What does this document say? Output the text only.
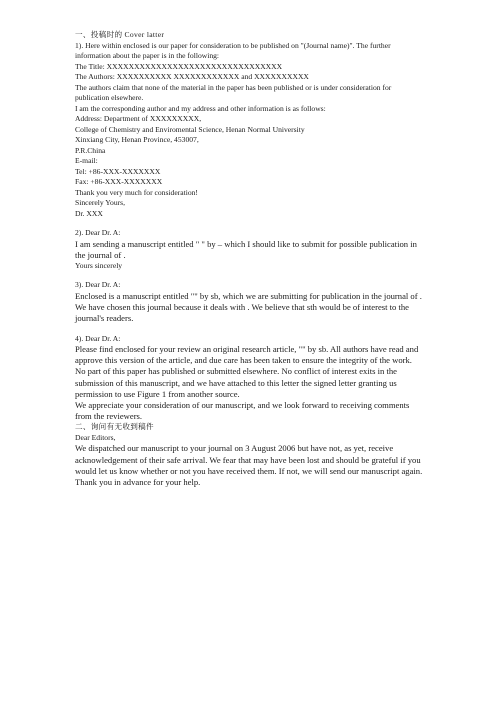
一、投稿时的 Cover latter
1). Here within enclosed is our paper for consideration to be published on "(Journal name)". The further information about the paper is in the following:
The Title: XXXXXXXXXXXXXXXXXXXXXXXXXXXXXXXX
The Authors: XXXXXXXXXX XXXXXXXXXXXX and XXXXXXXXXX
The authors claim that none of the material in the paper has been published or is under consideration for publication elsewhere.
I am the corresponding author and my address and other information is as follows:
Address: Department of XXXXXXXXX,
College of Chemistry and Enviromental Science, Henan Normal University
Xinxiang City, Henan Province, 453007,
P.R.China
E-mail:
Tel: +86-XXX-XXXXXXX
Fax: +86-XXX-XXXXXXX
Thank you very much for consideration!
Sincerely Yours,
Dr. XXX
2). Dear Dr. A:
I am sending a manuscript entitled " " by – which I should like to submit for possible publication in the journal of .
Yours sincerely
3). Dear Dr. A:
Enclosed is a manuscript entitled "" by sb, which we are submitting for publication in the journal of . We have chosen this journal because it deals with . We believe that sth would be of interest to the journal's readers.
4). Dear Dr. A:
Please find enclosed for your review an original research article, "" by sb. All authors have read and approve this version of the article, and due care has been taken to ensure the integrity of the work. No part of this paper has published or submitted elsewhere. No conflict of interest exits in the submission of this manuscript, and we have attached to this letter the signed letter granting us permission to use Figure 1 from another source.
We appreciate your consideration of our manuscript, and we look forward to receiving comments from the reviewers.
二、询问有无收到稿件
Dear Editors,
We dispatched our manuscript to your journal on 3 August 2006 but have not, as yet, receive acknowledgement of their safe arrival. We fear that may have been lost and should be grateful if you would let us know whether or not you have received them. If not, we will send our manuscript again. Thank you in advance for your help.
